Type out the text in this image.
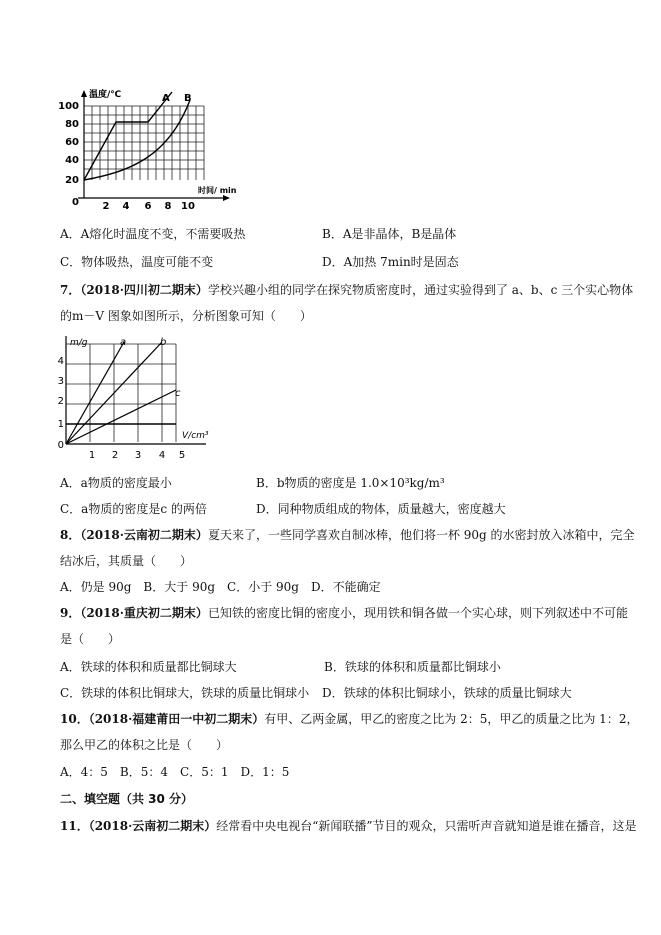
温度/℃	A B
100
80
60
40
20
0 2 4 6 8 10
时间/ min
A．A熔化时温度不变，不需要吸热	B．A是非晶体，B是晶体
C．物体吸热，温度可能不变	D．A加热 7min时是固态
7．（2018·四川初二期末）学校兴趣小组的同学在探究物质密度时，通过实验得到了 a、b、c 三个实心物体
的m－V 图象如图所示，分析图象可知（　　）
m/g	a	b
c
V/cm³
4
3
2
1
0
1 2 3 4 5
A．a物质的密度最小	B．b物质的密度是 1.0×10³kg/m³
C．a物质的密度是c 的两倍	D．同种物质组成的物体，质量越大，密度越大
8．（2018·云南初二期末）夏天来了，一些同学喜欢自制冰棒，他们将一杯 90g 的水密封放入冰箱中，完全
结冰后，其质量（　　）
A．仍是 90g　B．大于 90g　C．小于 90g　D．不能确定
9．（2018·重庆初二期末）已知铁的密度比铜的密度小，现用铁和铜各做一个实心球，则下列叙述中不可能
是（　　）
A．铁球的体积和质量都比铜球大	B．铁球的体积和质量都比铜球小
C．铁球的体积比铜球大，铁球的质量比铜球小 D．铁球的体积比铜球小，铁球的质量比铜球大
10．（2018·福建莆田一中初二期末）有甲、乙两金属，甲乙的密度之比为 2：5，甲乙的质量之比为 1：2，
那么甲乙的体积之比是（　　）
A．4：5　B．5：4　C．5：1　D．1：5
二、填空题（共 30 分）
11．（2018·云南初二期末）经常看中央电视台“新闻联播”节目的观众，只需听声音就知道是谁在播音，这是
